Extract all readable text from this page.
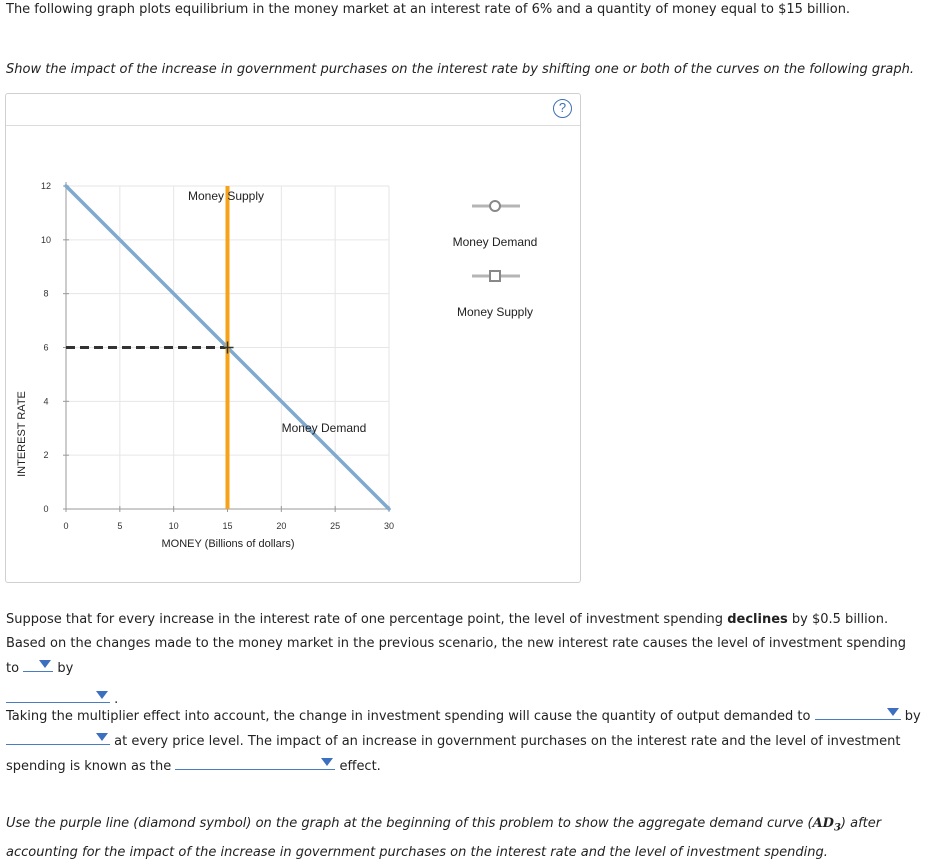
The following graph plots equilibrium in the money market at an interest rate of 6% and a quantity of money equal to $15 billion.
Show the impact of the increase in government purchases on the interest rate by shifting one or both of the curves on the following graph.
?
0
2
4
6
8
10
12
0	5	10	15	20	25	30
INTEREST RATE
MONEY (Billions of dollars)
Money Supply
Money Demand
Money Demand
Money Supply
Suppose that for every increase in the interest rate of one percentage point, the level of investment spending declines by $0.5 billion. Based on the changes made to the money market in the previous scenario, the new interest rate causes the level of investment spending to	by

.
Taking the multiplier effect into account, the change in investment spending will cause the quantity of output demanded to	by

at every price level. The impact of an increase in government purchases on the interest rate and the level of investment spending is known as the	effect.
Use the purple line (diamond symbol) on the graph at the beginning of this problem to show the aggregate demand curve $(AD_3)$ after accounting for the impact of the increase in government purchases on the interest rate and the level of investment spending.
